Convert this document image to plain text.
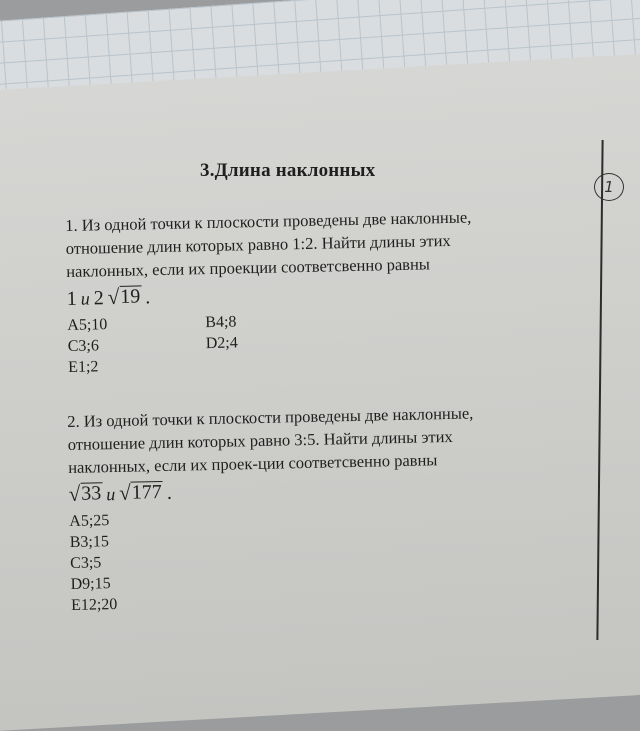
1
3.Длина наклонных
1. Из одной точки к плоскости проведены две наклонные,
отношение длин которых равно 1:2. Найти длины этих
наклонных, если их проекции соответсвенно равны
1 и 2 √ 19 .
A5;10	B4;8
C3;6	D2;4
E1;2
2. Из одной точки к плоскости проведены две наклонные,
отношение длин которых равно 3:5. Найти длины этих
наклонных, если их проек-ции соответсвенно равны
√ 33 и √ 177 .
A5;25
B3;15
C3;5
D9;15
E12;20
